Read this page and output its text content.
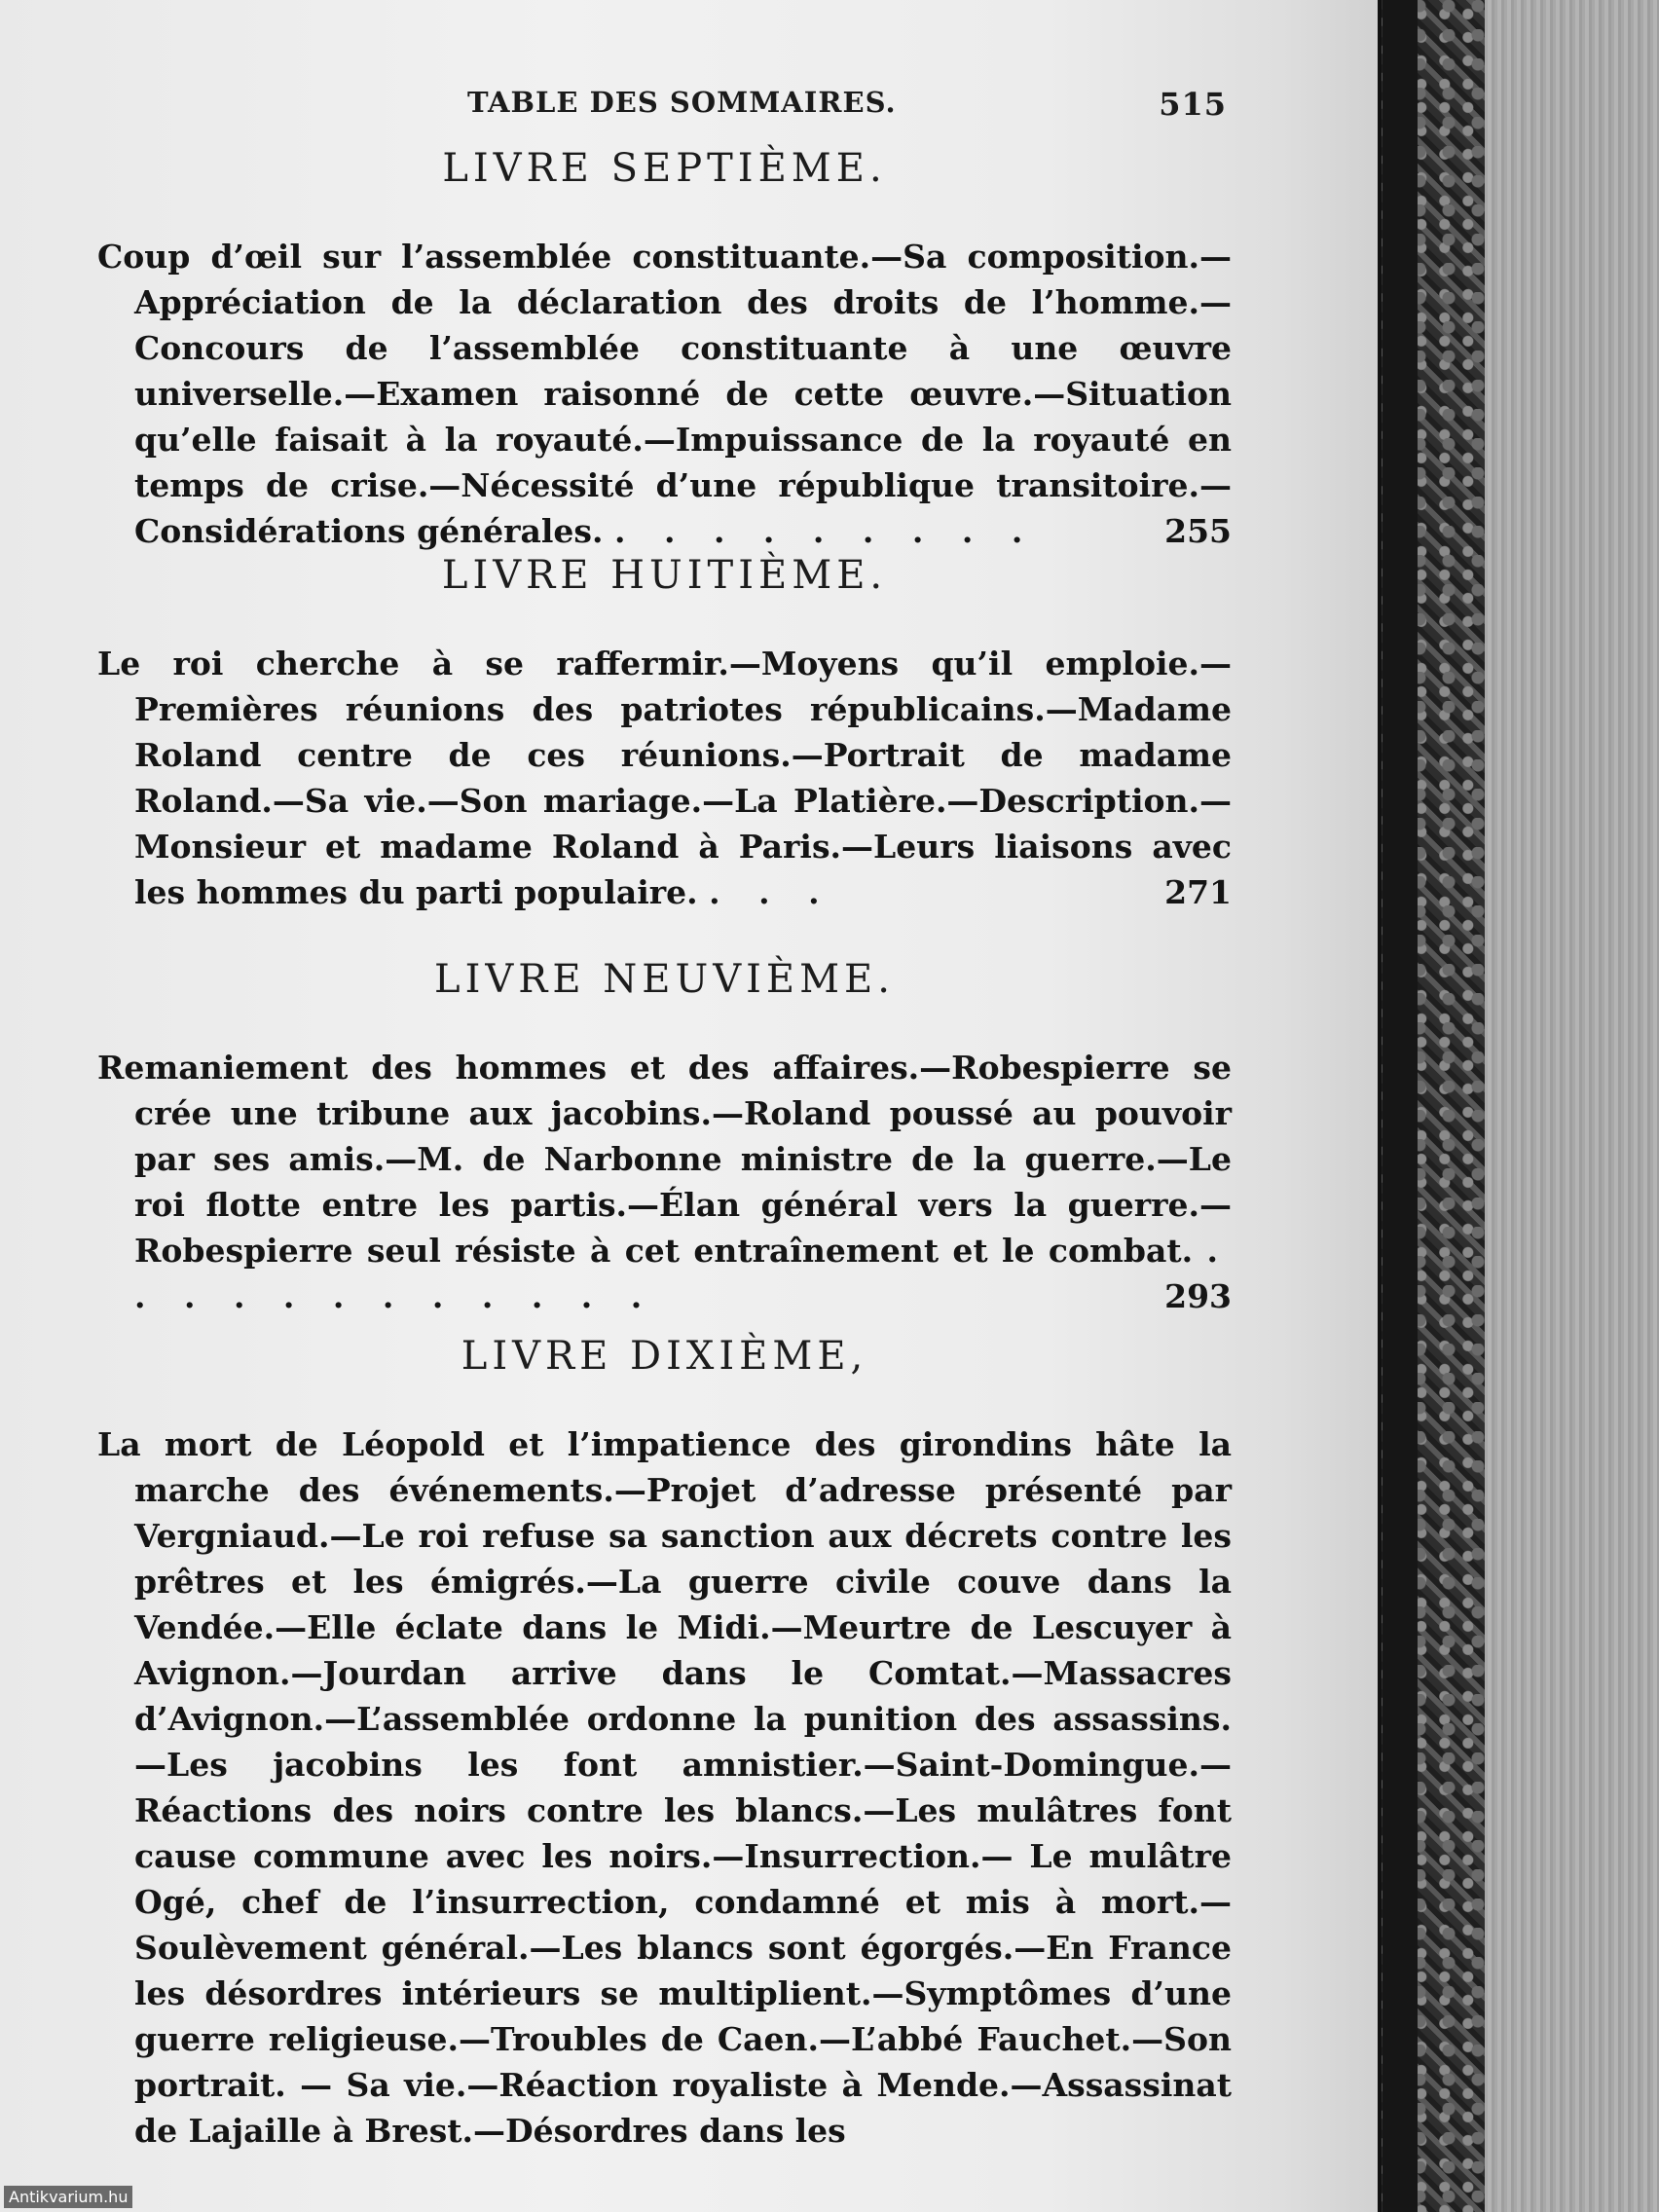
TABLE DES SOMMAIRES.	515
LIVRE SEPTIÈME.

Coup d’œil sur l’assemblée constituante.—Sa composition.—Appréciation de la déclaration des droits de l’homme.—Concours de l’assemblée constituante à une œuvre universelle.—Examen raisonné de cette œuvre.—Situation qu’elle faisait à la royauté.—Impuissance de la royauté en temps de crise.—Nécessité d’une république transitoire.—Considérations générales. . . . . . . . . .	255

LIVRE HUITIÈME.

Le roi cherche à se raffermir.—Moyens qu’il emploie.—Premières réunions des patriotes républicains.—Madame Roland centre de ces réunions.—Portrait de madame Roland.—Sa vie.—Son mariage.—La Platière.—Description.—Monsieur et madame Roland à Paris.—Leurs liaisons avec les hommes du parti populaire. . . .	271

LIVRE NEUVIÈME.

Remaniement des hommes et des affaires.—Robespierre se crée une tribune aux jacobins.—Roland poussé au pouvoir par ses amis.—M. de Narbonne ministre de la guerre.—Le roi flotte entre les partis.—Élan général vers la guerre.—Robespierre seul résiste à cet entraînement et le combat. . . . . . . . . . . . .	293

LIVRE DIXIÈME,

La mort de Léopold et l’impatience des girondins hâte la marche des événements.—Projet d’adresse présenté par Vergniaud.—Le roi refuse sa sanction aux décrets contre les prêtres et les émigrés.—La guerre civile couve dans la Vendée.—Elle éclate dans le Midi.—Meurtre de Lescuyer à Avignon.—Jourdan arrive dans le Comtat.—Massacres d’Avignon.—L’assemblée ordonne la punition des assassins.—Les jacobins les font amnistier.—Saint-Domingue.—Réactions des noirs contre les blancs.—Les mulâtres font cause commune avec les noirs.—Insurrection.— Le mulâtre Ogé, chef de l’insurrection, condamné et mis à mort.—Soulèvement général.—Les blancs sont égorgés.—En France les désordres intérieurs se multiplient.—Symptômes d’une guerre religieuse.—Troubles de Caen.—L’abbé Fauchet.—Son portrait. — Sa vie.—Réaction royaliste à Mende.—Assassinat de Lajaille à Brest.—Désordres dans les

Antikvarium.hu
